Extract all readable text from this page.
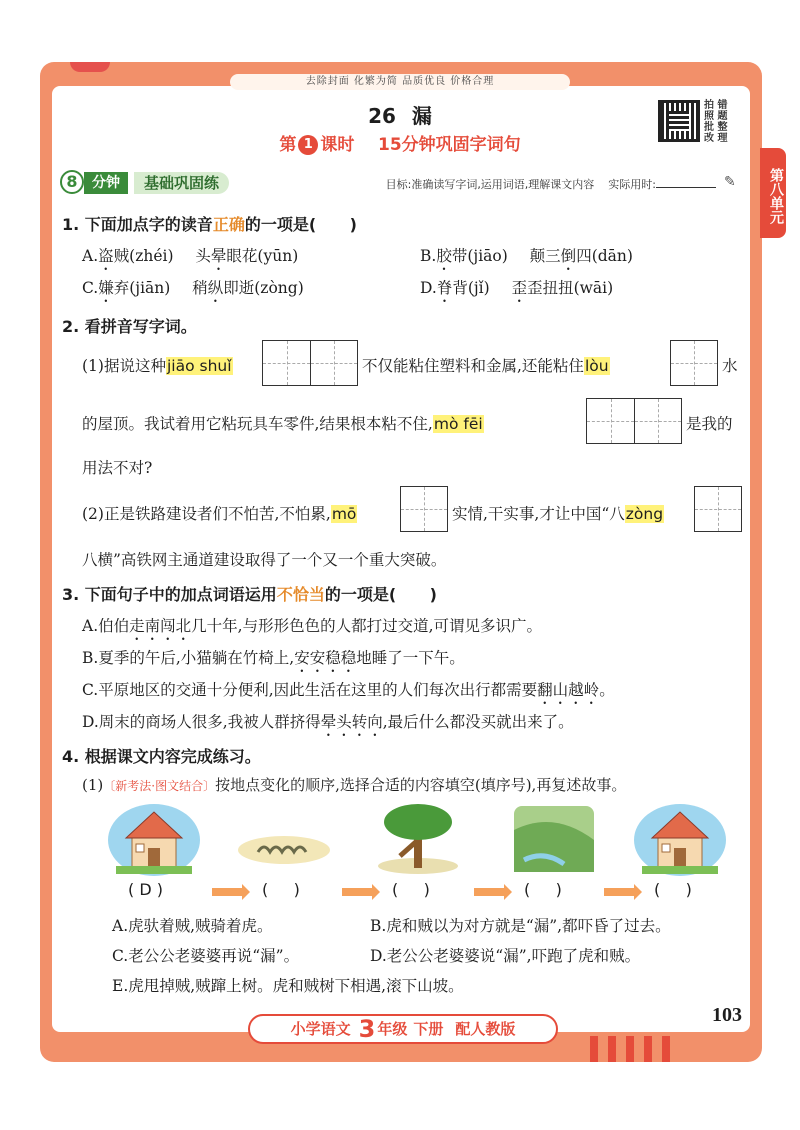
去除封面 化繁为简 品质优良 价格合理
26 漏
第 1 课时    15分钟巩固字词句
拍 错
照 题
批 整
改 理
第八单元
8	分钟	基础巩固练	目标:准确读写字词,运用词语,理解课文内容    实际用时:	✎
1. 下面加点字的读音正确的一项是(      )
A.盗贼(zhéi) 头晕眼花(yūn)	B.胶带(jiāo) 颠三倒四(dān)
C.嫌弃(jiān) 稍纵即逝(zòng)	D.脊背(jǐ) 歪歪扭扭(wāi)
2. 看拼音写字词。
(1)据说这种jiāo shuǐ	不仅能粘住塑料和金属,还能粘住lòu	水
的屋顶。我试着用它粘玩具车零件,结果根本粘不住,mò fēi	是我的
用法不对?
(2)正是铁路建设者们不怕苦,不怕累,mō	实情,干实事,才让中国“八zòng
八横”高铁网主通道建设取得了一个又一个重大突破。
3. 下面句子中的加点词语运用不恰当的一项是(      )
A.伯伯走南闯北几十年,与形形色色的人都打过交道,可谓见多识广。
B.夏季的午后,小猫躺在竹椅上,安安稳稳地睡了一下午。
C.平原地区的交通十分便利,因此生活在这里的人们每次出行都需要翻山越岭。
D.周末的商场人很多,我被人群挤得晕头转向,最后什么都没买就出来了。
4. 根据课文内容完成练习。
(1)〔新考法·图文结合〕按地点变化的顺序,选择合适的内容填空(填序号),再复述故事。
( D )	(     )	(     )	(     )	(     )
A.虎驮着贼,贼骑着虎。	B.虎和贼以为对方就是“漏”,都吓昏了过去。
C.老公公老婆婆再说“漏”。	D.老公公老婆婆说“漏”,吓跑了虎和贼。
E.虎甩掉贼,贼蹿上树。虎和贼树下相遇,滚下山坡。
103
小学语文 3 年级 下册 配人教版
